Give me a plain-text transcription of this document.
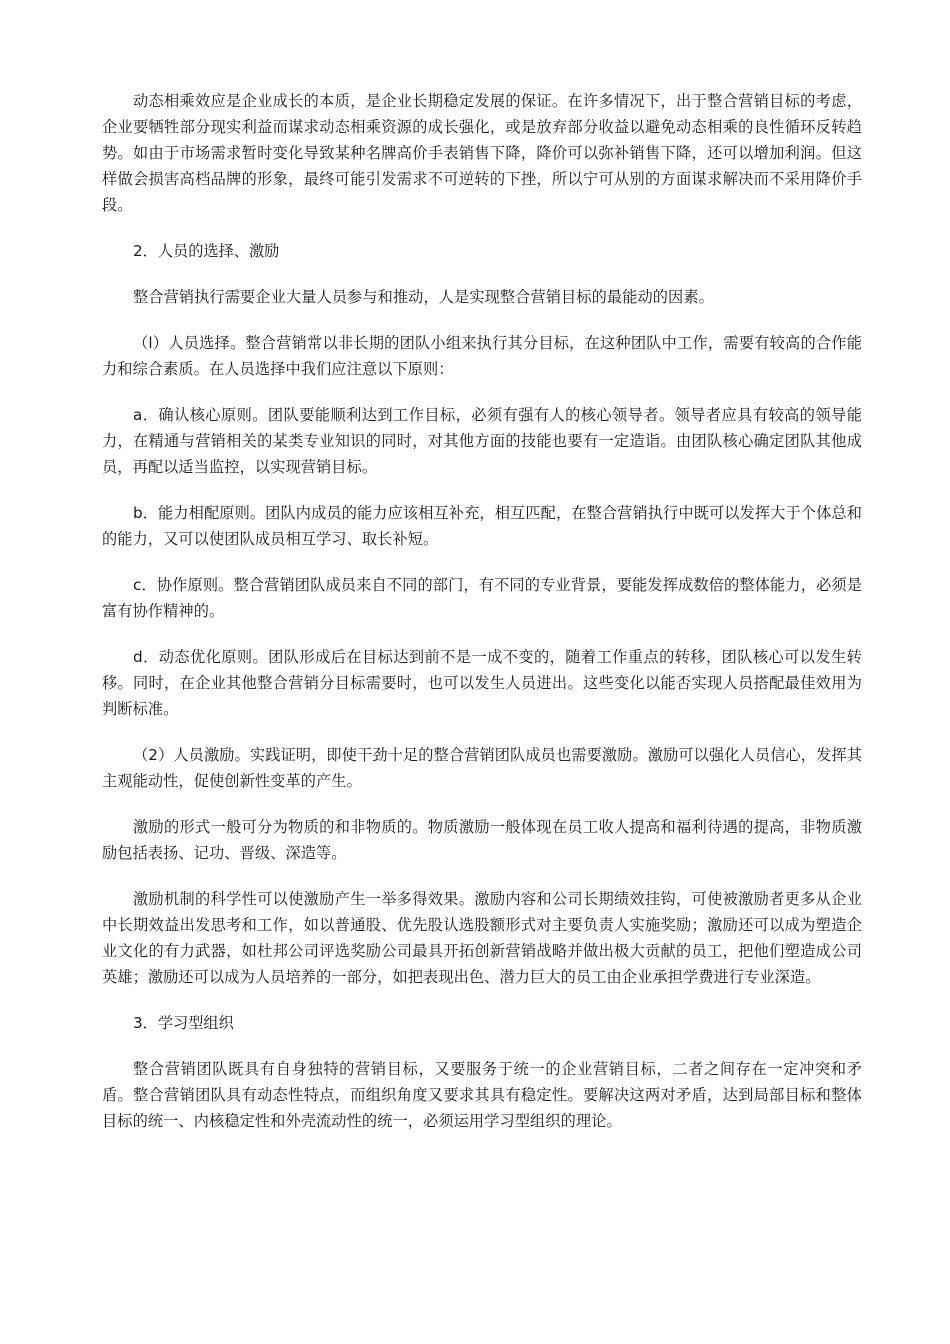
动态相乘效应是企业成长的本质，是企业长期稳定发展的保证。在许多情况下，出于整合营销目标的考虑，企业要牺牲部分现实利益而谋求动态相乘资源的成长强化，或是放弃部分收益以避免动态相乘的良性循环反转趋势。如由于市场需求暂时变化导致某种名牌高价手表销售下降，降价可以弥补销售下降，还可以增加利润。但这样做会损害高档品牌的形象，最终可能引发需求不可逆转的下挫，所以宁可从别的方面谋求解决而不采用降价手段。

2．人员的选择、激励

整合营销执行需要企业大量人员参与和推动，人是实现整合营销目标的最能动的因素。

（l）人员选择。整合营销常以非长期的团队小组来执行其分目标，在这种团队中工作，需要有较高的合作能力和综合素质。在人员选择中我们应注意以下原则：

a．确认核心原则。团队要能顺利达到工作目标，必须有强有人的核心领导者。领导者应具有较高的领导能力，在精通与营销相关的某类专业知识的同时，对其他方面的技能也要有一定造诣。由团队核心确定团队其他成员，再配以适当监控，以实现营销目标。

b．能力相配原则。团队内成员的能力应该相互补充，相互匹配，在整合营销执行中既可以发挥大于个体总和的能力，又可以使团队成员相互学习、取长补短。

c．协作原则。整合营销团队成员来自不同的部门，有不同的专业背景，要能发挥成数倍的整体能力，必须是富有协作精神的。

d．动态优化原则。团队形成后在目标达到前不是一成不变的，随着工作重点的转移，团队核心可以发生转移。同时，在企业其他整合营销分目标需要时，也可以发生人员进出。这些变化以能否实现人员搭配最佳效用为判断标准。

（2）人员激励。实践证明，即使干劲十足的整合营销团队成员也需要激励。激励可以强化人员信心，发挥其主观能动性，促使创新性变革的产生。

激励的形式一般可分为物质的和非物质的。物质激励一般体现在员工收人提高和福利待遇的提高，非物质激励包括表扬、记功、晋级、深造等。

激励机制的科学性可以使激励产生一举多得效果。激励内容和公司长期绩效挂钩，可使被激励者更多从企业中长期效益出发思考和工作，如以普通股、优先股认选股额形式对主要负责人实施奖励；激励还可以成为塑造企业文化的有力武器，如杜邦公司评选奖励公司最具开拓创新营销战略并做出极大贡献的员工，把他们塑造成公司英雄；激励还可以成为人员培养的一部分，如把表现出色、潜力巨大的员工由企业承担学费进行专业深造。

3．学习型组织

整合营销团队既具有自身独特的营销目标，又要服务于统一的企业营销目标，二者之间存在一定冲突和矛盾。整合营销团队具有动态性特点，而组织角度又要求其具有稳定性。要解决这两对矛盾，达到局部目标和整体目标的统一、内核稳定性和外壳流动性的统一，必须运用学习型组织的理论。
